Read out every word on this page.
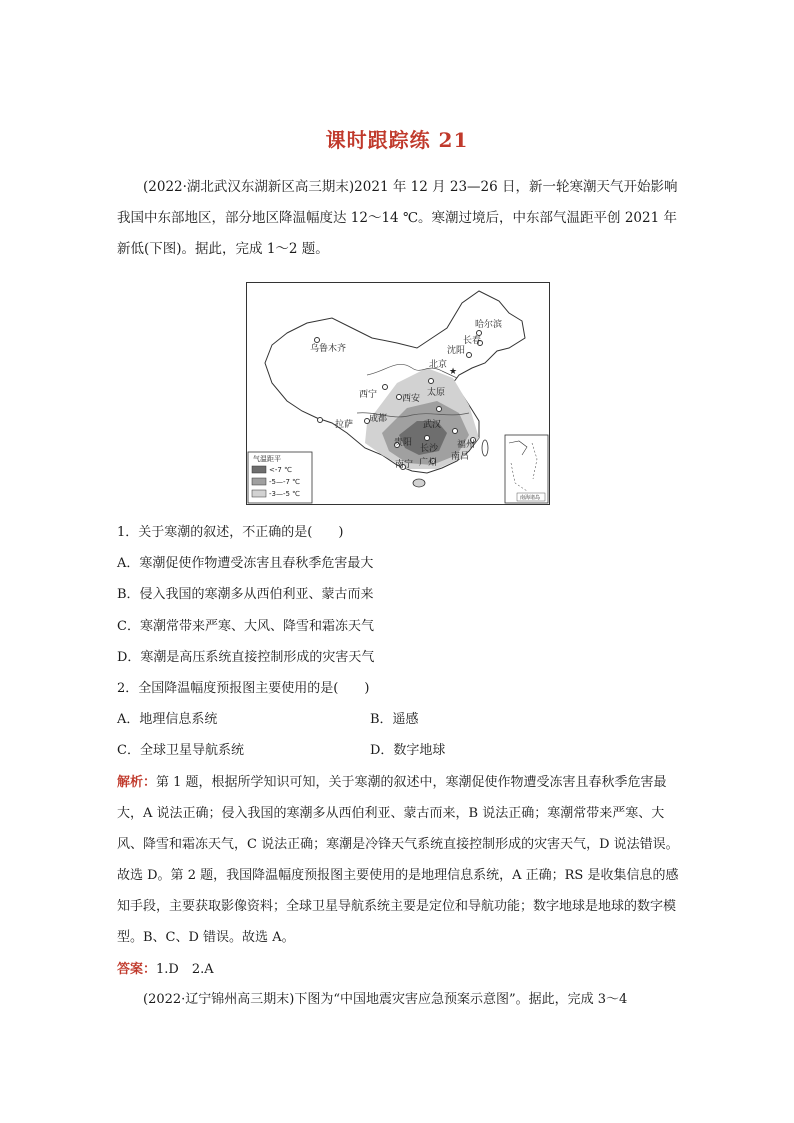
课时跟踪练 21
(2022·湖北武汉东湖新区高三期末)2021 年 12 月 23—26 日，新一轮寒潮天气开始影响我国中东部地区，部分地区降温幅度达 12～14 ℃。寒潮过境后，中东部气温距平创 2021 年新低(下图)。据此，完成 1～2 题。
哈尔滨
长春
沈阳
乌鲁木齐
★
北京
西宁	太原
西安
成都
武汉
拉萨
贵阳
长沙 福州
南昌
南宁 广州
气温距平
<-7 ℃
-5—-7 ℃
-3—-5 ℃	南海诸岛
1．关于寒潮的叙述，不正确的是(　　)
A．寒潮促使作物遭受冻害且春秋季危害最大
B．侵入我国的寒潮多从西伯利亚、蒙古而来
C．寒潮常带来严寒、大风、降雪和霜冻天气
D．寒潮是高压系统直接控制形成的灾害天气
2．全国降温幅度预报图主要使用的是(　　)
A．地理信息系统	B．遥感
C．全球卫星导航系统	D．数字地球
解析：第 1 题，根据所学知识可知，关于寒潮的叙述中，寒潮促使作物遭受冻害且春秋季危害最大，A 说法正确；侵入我国的寒潮多从西伯利亚、蒙古而来，B 说法正确；寒潮常带来严寒、大风、降雪和霜冻天气，C 说法正确；寒潮是冷锋天气系统直接控制形成的灾害天气，D 说法错误。故选 D。第 2 题，我国降温幅度预报图主要使用的是地理信息系统，A 正确；RS 是收集信息的感知手段，主要获取影像资料；全球卫星导航系统主要是定位和导航功能；数字地球是地球的数字模型。B、C、D 错误。故选 A。
答案：1.D　2.A
(2022·辽宁锦州高三期末)下图为“中国地震灾害应急预案示意图”。据此，完成 3～4
